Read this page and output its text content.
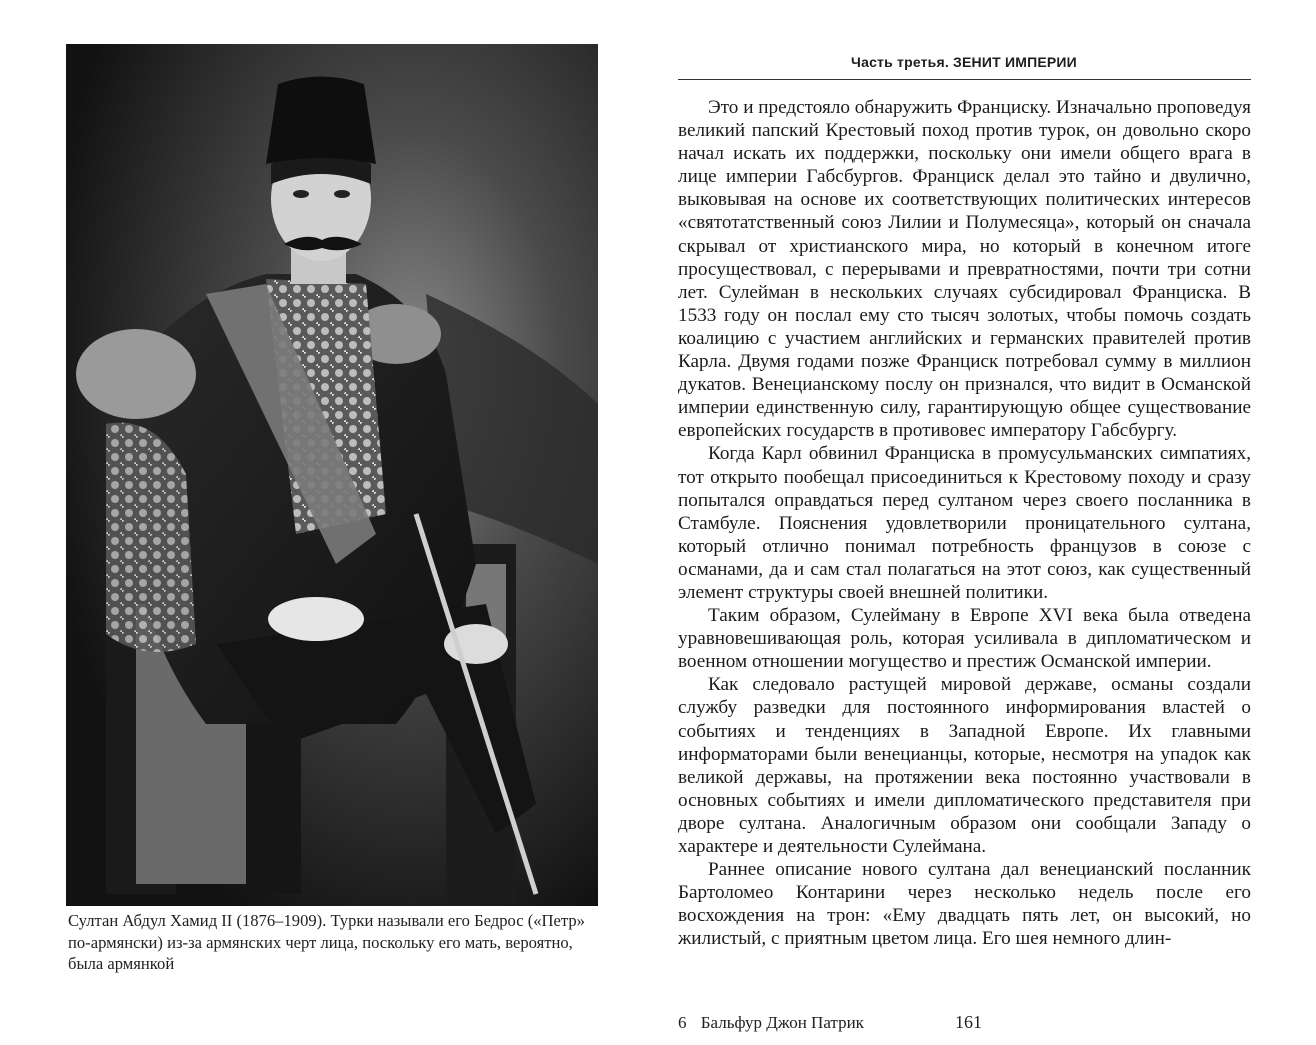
Султан Абдул Хамид II (1876–1909). Турки называли его Бедрос («Петр» по-армянски) из-за армянских черт лица, поскольку его мать, вероятно, была армянкой
6 Бальфур Джон Патрик
Часть третья. ЗЕНИТ ИМПЕРИИ

Это и предстояло обнаружить Франциску. Изначально проповедуя великий папский Крестовый поход против турок, он довольно скоро начал искать их поддержки, поскольку они имели общего врага в лице империи Габсбургов. Франциск делал это тайно и двулично, выковывая на основе их соответствующих политических интересов «святотатственный союз Лилии и Полумесяца», который он сначала скрывал от христианского мира, но который в конечном итоге просуществовал, с перерывами и превратностями, почти три сотни лет. Сулейман в нескольких случаях субсидировал Франциска. В 1533 году он послал ему сто тысяч золотых, чтобы помочь создать коалицию с участием английских и германских правителей против Карла. Двумя годами позже Франциск потребовал сумму в миллион дукатов. Венецианскому послу он признался, что видит в Османской империи единственную силу, гарантирующую общее существование европейских государств в противовес императору Габсбургу.

Когда Карл обвинил Франциска в промусульманских симпатиях, тот открыто пообещал присоединиться к Крестовому походу и сразу попытался оправдаться перед султаном через своего посланника в Стамбуле. Пояснения удовлетворили проницательного султана, который отлично понимал потребность французов в союзе с османами, да и сам стал полагаться на этот союз, как существенный элемент структуры своей внешней политики.

Таким образом, Сулейману в Европе XVI века была отведена уравновешивающая роль, которая усиливала в дипломатическом и военном отношении могущество и престиж Османской империи.

Как следовало растущей мировой державе, османы создали службу разведки для постоянного информирования властей о событиях и тенденциях в Западной Европе. Их главными информаторами были венецианцы, которые, несмотря на упадок как великой державы, на протяжении века постоянно участвовали в основных событиях и имели дипломатического представителя при дворе султана. Аналогичным образом они сообщали Западу о характере и деятельности Сулеймана.

Раннее описание нового султана дал венецианский посланник Бартоломео Контарини через несколько недель после его восхождения на трон: «Ему двадцать пять лет, он высокий, но жилистый, с приятным цветом лица. Его шея немного длин-

161
